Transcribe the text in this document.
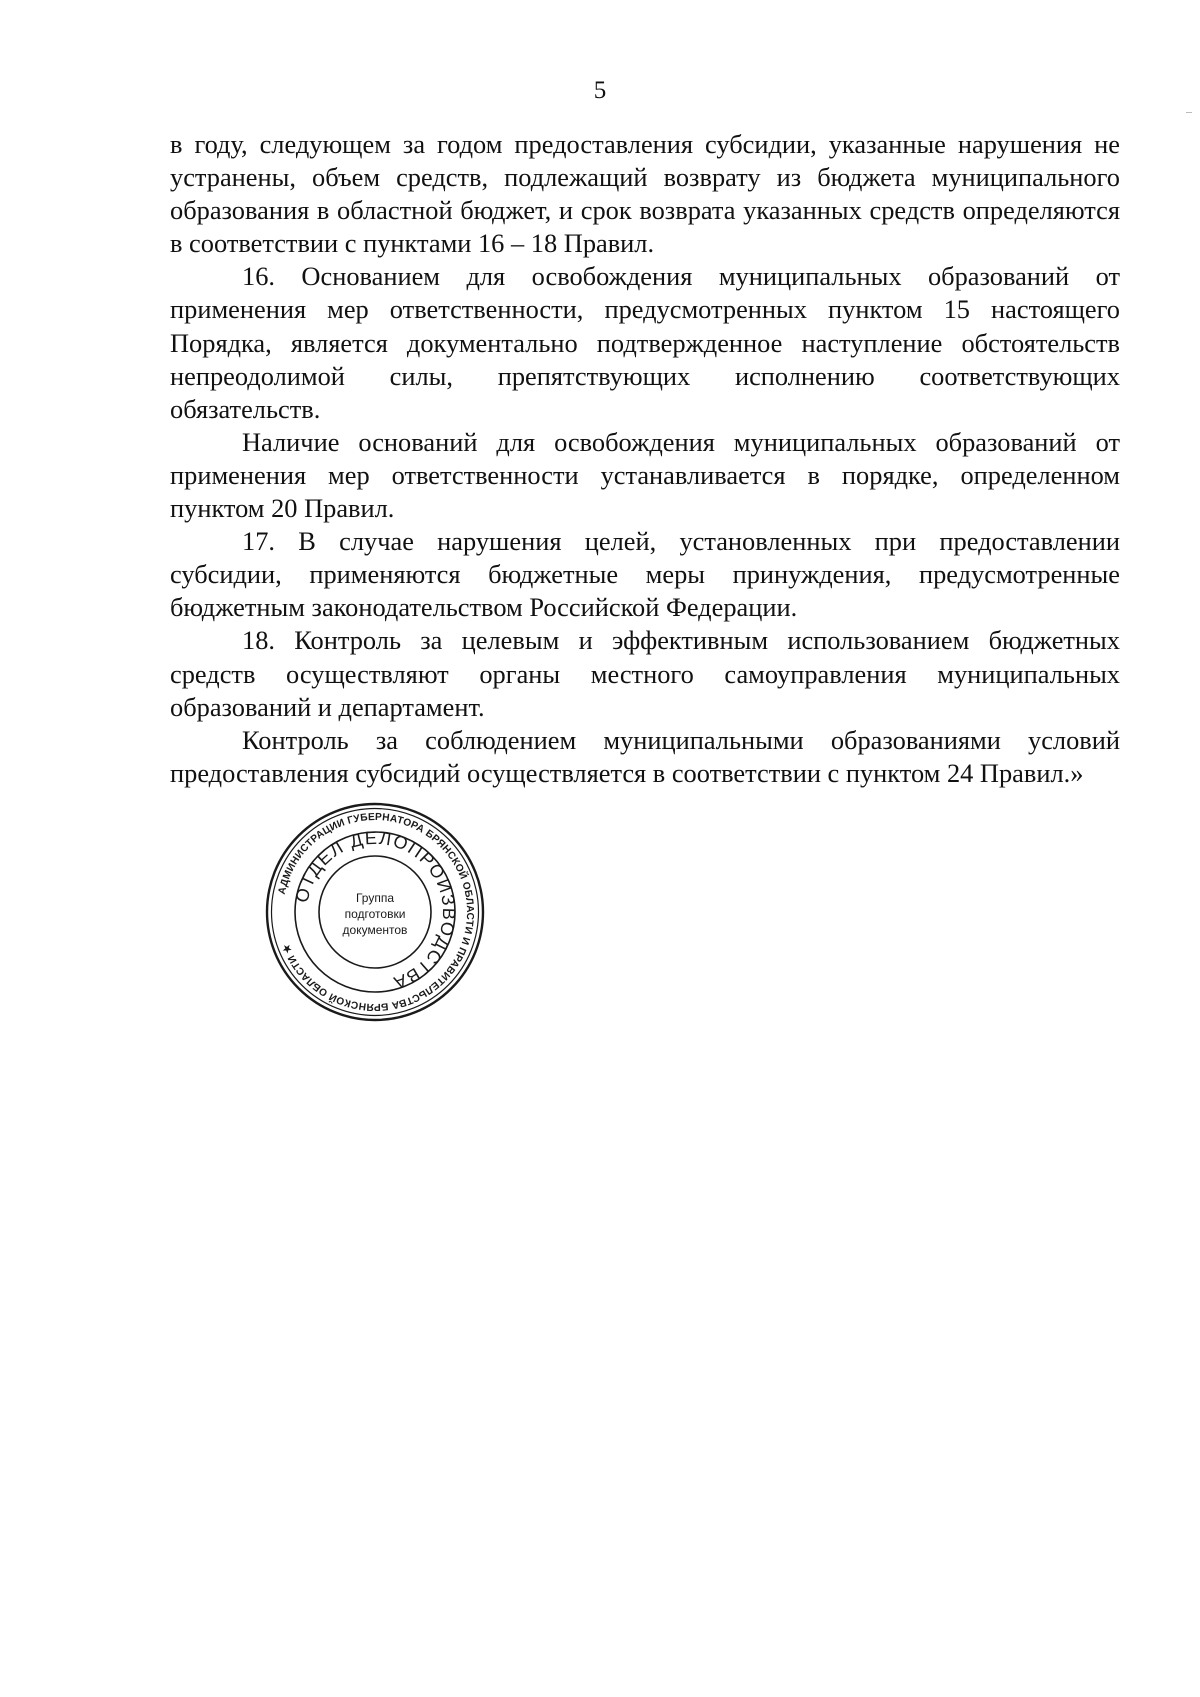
5

в году, следующем за годом предоставления субсидии, указанные нарушения не устранены, объем средств, подлежащий возврату из бюджета муниципального образования в областной бюджет, и срок возврата указанных средств определяются в соответствии с пунктами 16 – 18 Правил.

16. Основанием для освобождения муниципальных образований от применения мер ответственности, предусмотренных пунктом 15 настоящего Порядка, является документально подтвержденное наступление обстоятельств непреодолимой силы, препятствующих исполнению соответствующих обязательств.

Наличие оснований для освобождения муниципальных образований от применения мер ответственности устанавливается в порядке, определенном пунктом 20 Правил.

17. В случае нарушения целей, установленных при предоставлении субсидии, применяются бюджетные меры принуждения, предусмотренные бюджетным законодательством Российской Федерации.

18. Контроль за целевым и эффективным использованием бюджетных средств осуществляют органы местного самоуправления муниципальных образований и департамент.

Контроль за соблюдением муниципальными образованиями условий предоставления субсидий осуществляется в соответствии с пунктом 24 Правил.»

АДМИНИСТРАЦИИ ГУБЕРНАТОРА БРЯНСКОЙ ОБЛАСТИ И ПРАВИТЕЛЬСТВА БРЯНСКОЙ ОБЛАСТИ ★
ОТДЕЛ ДЕЛОПРОИЗВОДСТВА
Группа
подготовки
документов
